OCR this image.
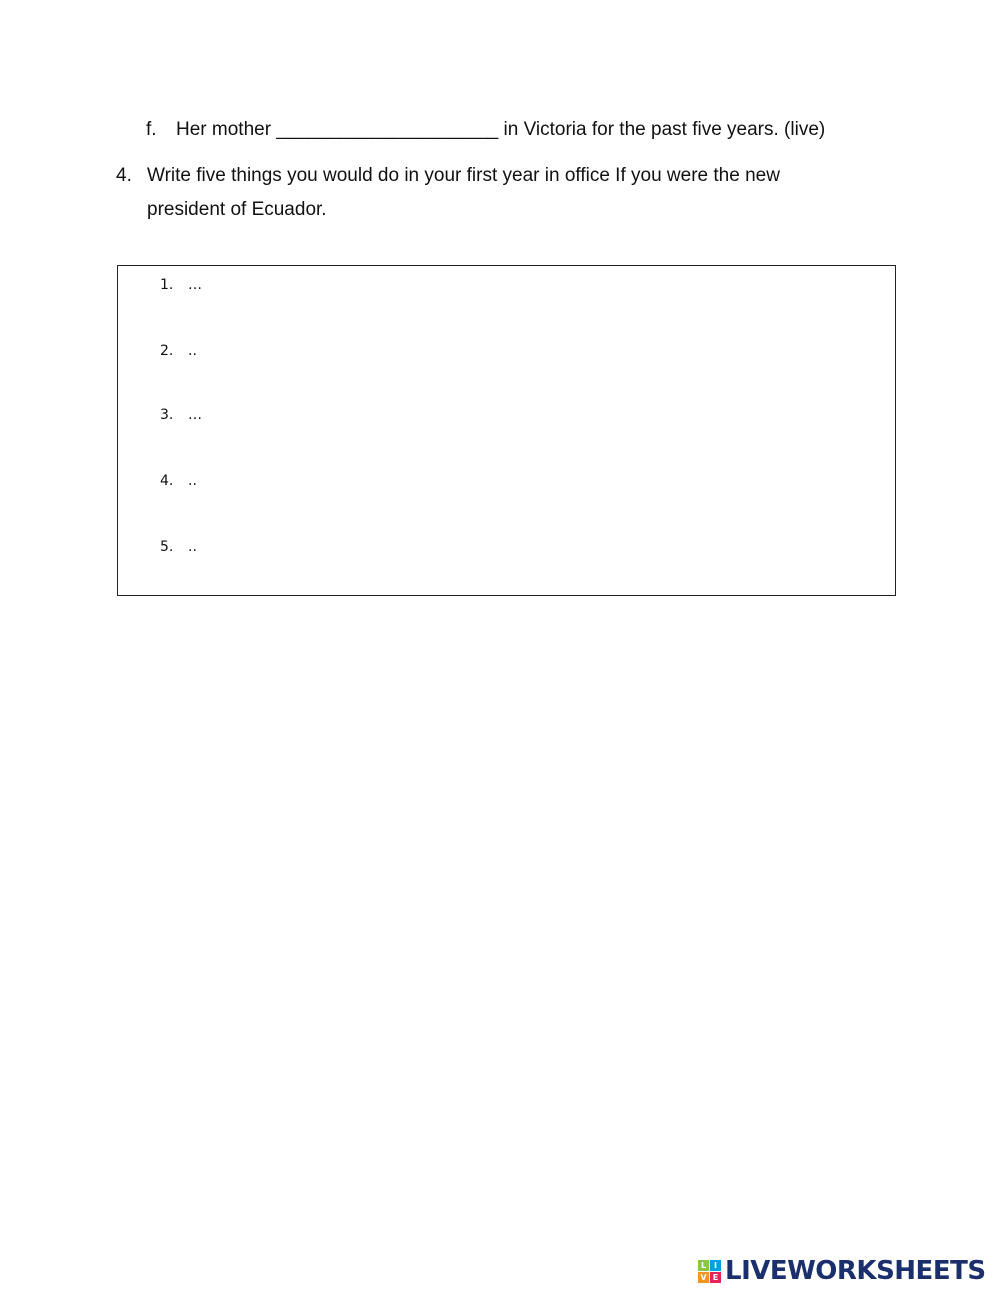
f. Her mother _____________________ in Victoria for the past five years. (live)
4. Write five things you would do in your first year in office If you were the new
president of Ecuador.
1. …
2. ..
3. …
4. ..
5. ..
L I
V E LIVEWORKSHEETS
